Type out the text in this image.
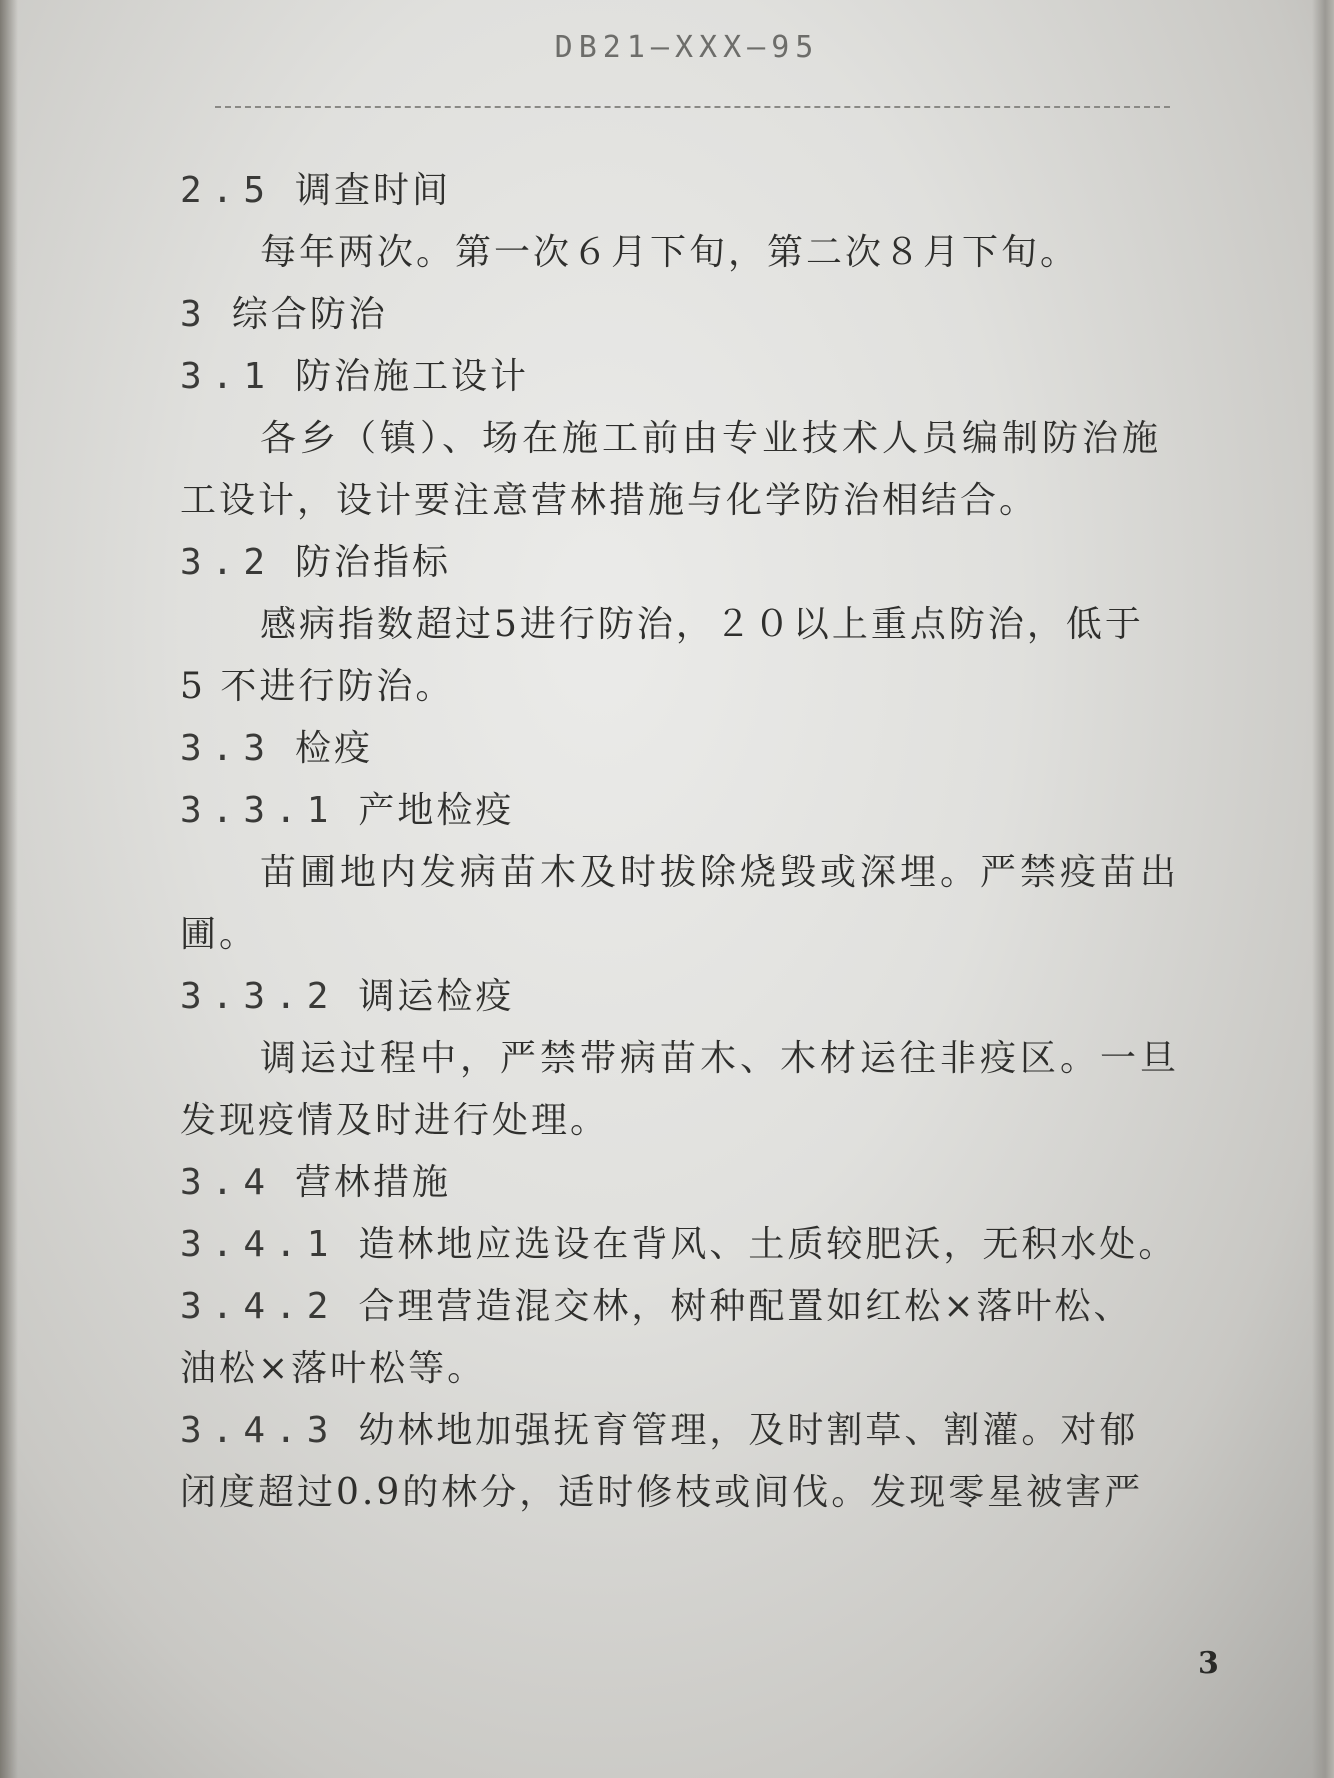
DB21—XXX—95
2.5 调查时间
每年两次。第一次６月下旬，第二次８月下旬。
3 综合防治
3.1 防治施工设计
各乡（镇）、场在施工前由专业技术人员编制防治施
工设计，设计要注意营林措施与化学防治相结合。
3.2 防治指标
感病指数超过5进行防治，２０以上重点防治，低于
5 不进行防治。
3.3 检疫
3.3.1 产地检疫
苗圃地内发病苗木及时拔除烧毁或深埋。严禁疫苗出
圃。
3.3.2 调运检疫
调运过程中，严禁带病苗木、木材运往非疫区。一旦
发现疫情及时进行处理。
3.4 营林措施
3.4.1 造林地应选设在背风、土质较肥沃，无积水处。
3.4.2 合理营造混交林，树种配置如红松×落叶松、
油松×落叶松等。
3.4.3 幼林地加强抚育管理，及时割草、割灌。对郁
闭度超过0.9的林分，适时修枝或间伐。发现零星被害严
3
